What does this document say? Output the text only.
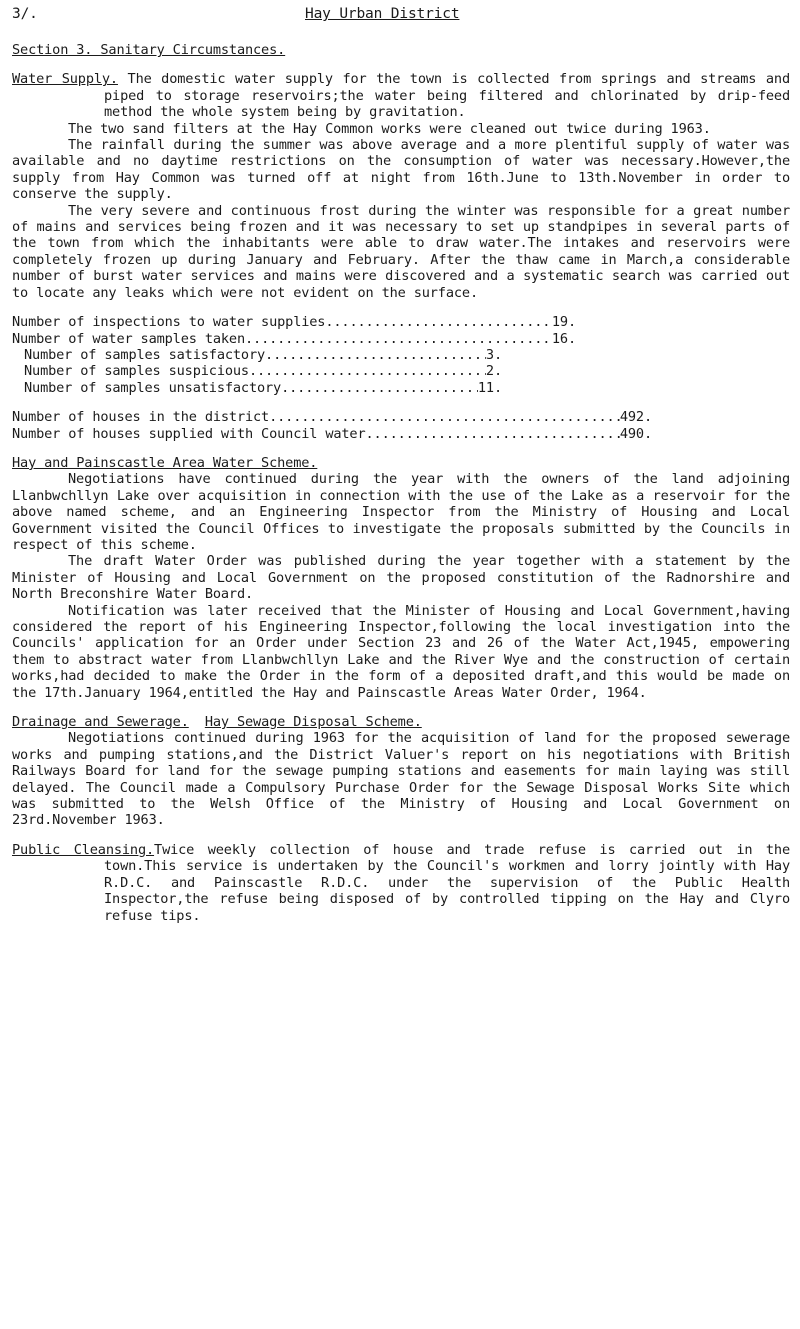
3/.	Hay Urban District

Section 3. Sanitary Circumstances.

Water Supply. The domestic water supply for the town is collected from springs and streams and piped to storage reservoirs;the water being filtered and chlorinated by drip-feed method the whole system being by gravitation.

The two sand filters at the Hay Common works were cleaned out twice during 1963.

The rainfall during the summer was above average and a more plentiful supply of water was available and no daytime restrictions on the consumption of water was necessary.However,the supply from Hay Common was turned off at night from 16th.June to 13th.November in order to conserve the supply.

The very severe and continuous frost during the winter was responsible for a great number of mains and services being frozen and it was necessary to set up standpipes in several parts of the town from which the inhabitants were able to draw water.The intakes and reservoirs were completely frozen up during January and February. After the thaw came in March,a considerable number of burst water services and mains were discovered and a systematic search was carried out to locate any leaks which were not evident on the surface.

Number of inspections to water supplies .....	19.
Number of water samples taken .....	16.
Number of samples satisfactory .....	3.
Number of samples suspicious .....	2.
Number of samples unsatisfactory .....	11.
Number of houses in the district .....	492.
Number of houses supplied with Council water .....	490.

Hay and Painscastle Area Water Scheme.

Negotiations have continued during the year with the owners of the land adjoining Llanbwchllyn Lake over acquisition in connection with the use of the Lake as a reservoir for the above named scheme, and an Engineering Inspector from the Ministry of Housing and Local Government visited the Council Offices to investigate the proposals submitted by the Councils in respect of this scheme.

The draft Water Order was published during the year together with a statement by the Minister of Housing and Local Government on the proposed constitution of the Radnorshire and North Breconshire Water Board.

Notification was later received that the Minister of Housing and Local Government,having considered the report of his Engineering Inspector,following the local investigation into the Councils' application for an Order under Section 23 and 26 of the Water Act,1945, empowering them to abstract water from Llanbwchllyn Lake and the River Wye and the construction of certain works,had decided to make the Order in the form of a deposited draft,and this would be made on the 17th.January 1964,entitled the Hay and Painscastle Areas Water Order, 1964.

Drainage and Sewerage. Hay Sewage Disposal Scheme.

Negotiations continued during 1963 for the acquisition of land for the proposed sewerage works and pumping stations,and the District Valuer's report on his negotiations with British Railways Board for land for the sewage pumping stations and easements for main laying was still delayed. The Council made a Compulsory Purchase Order for the Sewage Disposal Works Site which was submitted to the Welsh Office of the Ministry of Housing and Local Government on 23rd.November 1963.

Public Cleansing.Twice weekly collection of house and trade refuse is carried out in the town.This service is undertaken by the Council's workmen and lorry jointly with Hay R.D.C. and Painscastle R.D.C. under the supervision of the Public Health Inspector,the refuse being disposed of by controlled tipping on the Hay and Clyro refuse tips.
